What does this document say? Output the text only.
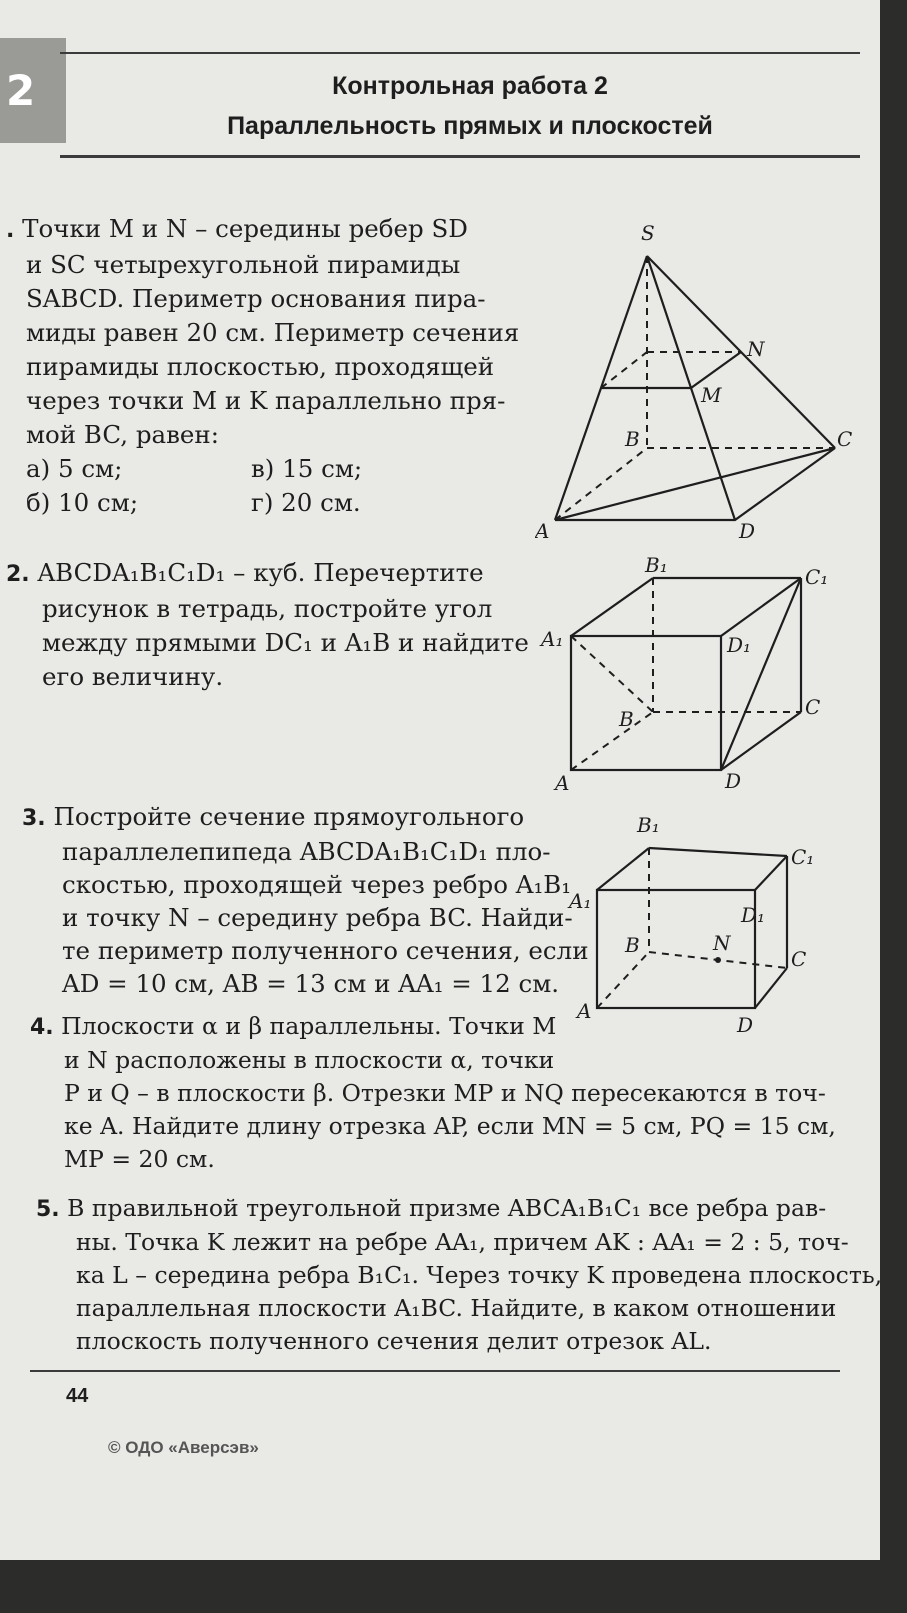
2	Контрольная работа 2
Параллельность прямых и плоскостей
. Точки M и N – середины ребер SD
и SC четырехугольной пирамиды
SABCD. Периметр основания пира-
миды равен 20 см. Периметр сечения
пирамиды плоскостью, проходящей
через точки M и K параллельно пря-
мой BC, равен:
а) 5 см;	в) 15 см;
б) 10 см;	г) 20 см.
S
N
M
B	C
A	D
2. ABCDA₁B₁C₁D₁ – куб. Перечертите
рисунок в тетрадь, постройте угол
между прямыми DC₁ и A₁B и найдите
его величину.
B₁	C₁
A₁	D₁
B	C
A	D
3. Постройте сечение прямоугольного
параллелепипеда ABCDA₁B₁C₁D₁ пло-
скостью, проходящей через ребро A₁B₁
и точку N – середину ребра BC. Найди-
те периметр полученного сечения, если
AD = 10 см, AB = 13 см и AA₁ = 12 см.
B₁
C₁
A₁
D₁
B	N
C
A
D
4. Плоскости α и β параллельны. Точки M
и N расположены в плоскости α, точки
P и Q – в плоскости β. Отрезки MP и NQ пересекаются в точ-
ке A. Найдите длину отрезка AP, если MN = 5 см, PQ = 15 см,
MP = 20 см.
5. В правильной треугольной призме ABCA₁B₁C₁ все ребра рав-
ны. Точка K лежит на ребре AA₁, причем AK : AA₁ = 2 : 5, точ-
ка L – середина ребра B₁C₁. Через точку K проведена плоскость,
параллельная плоскости A₁BC. Найдите, в каком отношении
плоскость полученного сечения делит отрезок AL.
44
© ОДО «Аверсэв»
